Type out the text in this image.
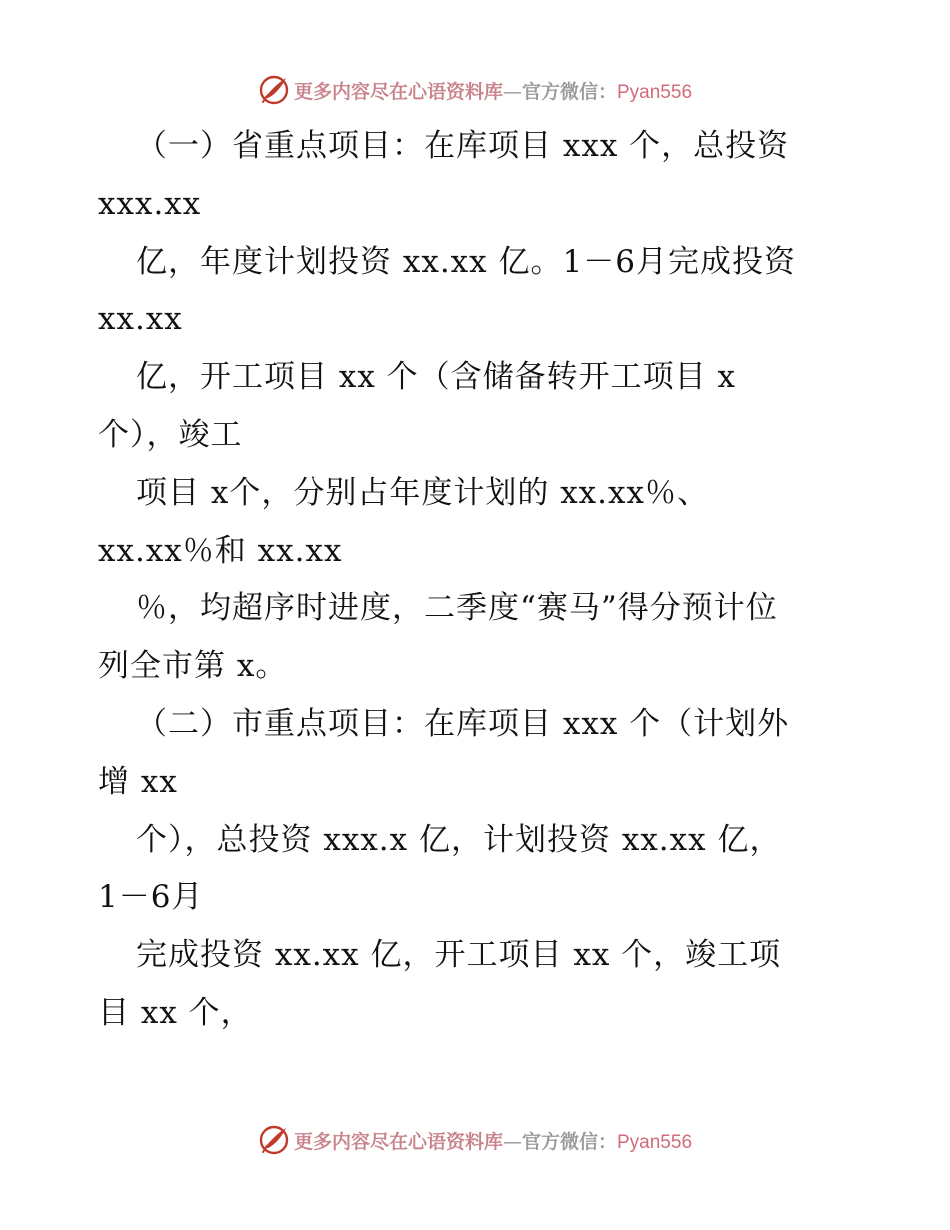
更多内容尽在心语资料库—官方微信：Pyan556
（一）省重点项目：在库项目 xxx 个，总投资
xxx.xx
亿，年度计划投资 xx.xx 亿。1－6月完成投资
xx.xx
亿，开工项目 xx 个（含储备转开工项目 x
个），竣工
项目 x个，分别占年度计划的 xx.xx％、
xx.xx％和 xx.xx
％，均超序时进度，二季度“赛马”得分预计位
列全市第 x。
（二）市重点项目：在库项目 xxx 个（计划外
增 xx
个），总投资 xxx.x 亿，计划投资 xx.xx 亿，
1－6月
完成投资 xx.xx 亿，开工项目 xx 个，竣工项
目 xx 个，
更多内容尽在心语资料库—官方微信：Pyan556
